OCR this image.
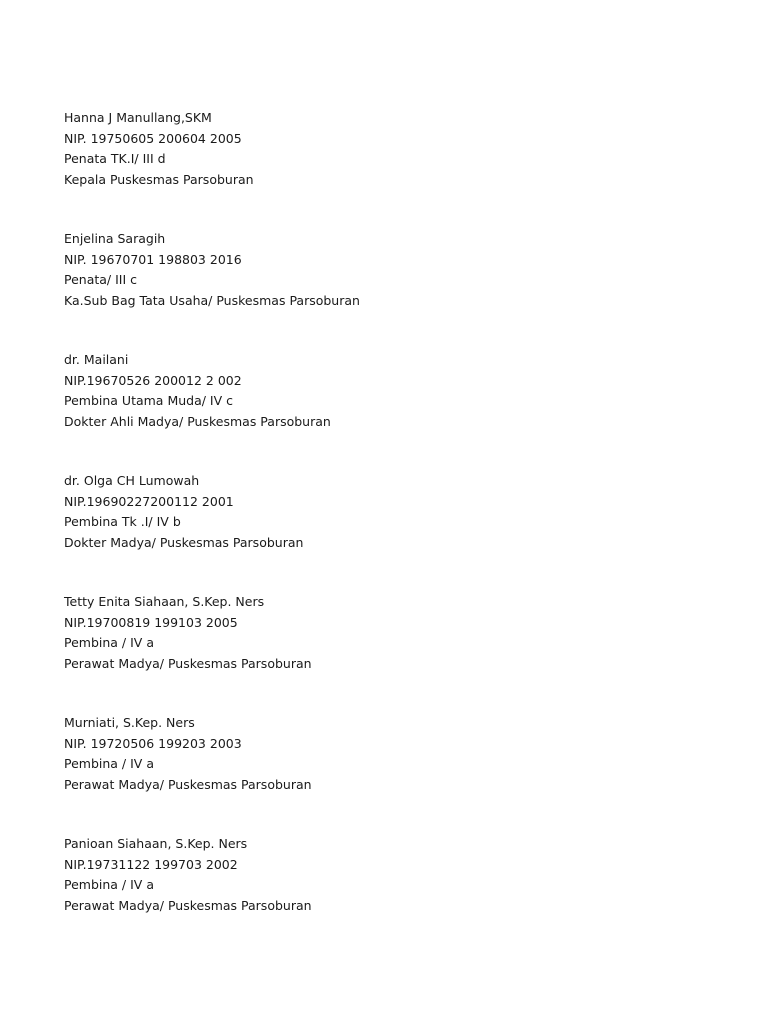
Hanna J Manullang,SKM
NIP. 19750605 200604 2005
Penata TK.I/ III d
Kepala Puskesmas Parsoburan
Enjelina Saragih
NIP. 19670701 198803 2016
Penata/ III c
Ka.Sub Bag Tata Usaha/ Puskesmas Parsoburan
dr. Mailani
NIP.19670526 200012 2 002
Pembina Utama Muda/ IV c
Dokter Ahli Madya/ Puskesmas Parsoburan
dr. Olga CH Lumowah
NIP.19690227200112 2001
Pembina Tk .I/ IV b
Dokter Madya/ Puskesmas Parsoburan
Tetty Enita Siahaan, S.Kep. Ners
NIP.19700819 199103 2005
Pembina / IV a
Perawat Madya/ Puskesmas Parsoburan
Murniati, S.Kep. Ners
NIP. 19720506 199203 2003
Pembina / IV a
Perawat Madya/ Puskesmas Parsoburan
Panioan Siahaan, S.Kep. Ners
NIP.19731122 199703 2002
Pembina / IV a
Perawat Madya/ Puskesmas Parsoburan
